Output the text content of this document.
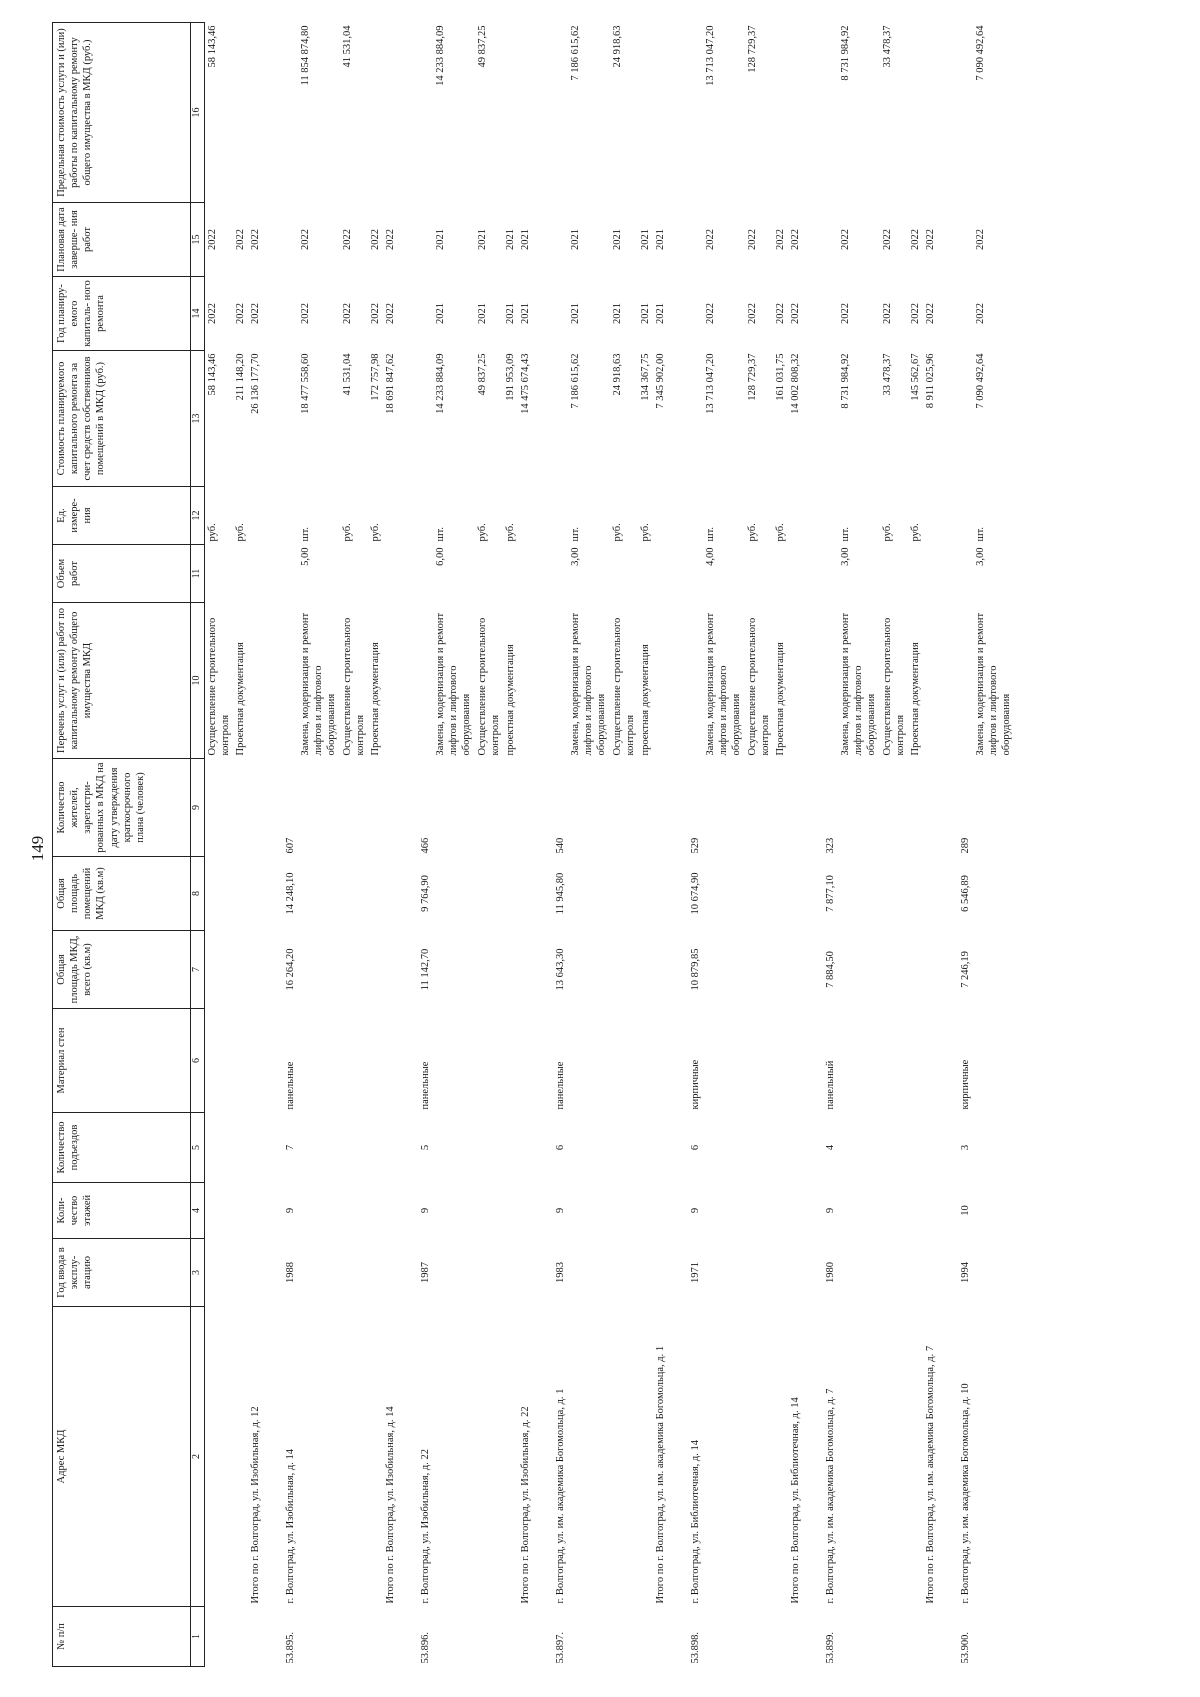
149
№ п/п	Адрес МКД	Год ввода в эксплу- атацию	Коли- чество этажей	Количество подъездов	Материал стен	Общая площадь МКД, всего (кв.м)	Общая площадь помещений МКД (кв.м)	Количество жителей, зарегистри- рованных в МКД на дату утверждения краткосрочного плана (человек)	Перечень услуг и (или) работ по капитальному ремонту общего имущества МКД	Объем работ	Ед. измере- ния	Стоимость планируемого капитального ремонта за счет средств собственников помещений в МКД (руб.)	Год планиру- емого капиталь- ного ремонта	Плановая дата заверше- ния работ	Предельная стоимость услуги и (или) работы по капитальному ремонту общего имущества в МКД (руб.)
1	2	3	4	5	6	7	8	9	10	11	12	13	14	15	16
									Осуществление строительного контроля		руб.	58 143,46	2022	2022	58 143,46
									Проектная документация		руб.	211 148,20	2022	2022	
	Итого по г. Волгоград, ул. Изобильная, д. 12											26 136 177,70	2022	2022	

53.895.	г. Волгоград, ул. Изобильная, д. 14	1988	9	7	панельные	16 264,20	14 248,10	607							
									Замена, модернизация и ремонт лифтов и лифтового оборудования	5,00	шт.	18 477 558,60	2022	2022	11 854 874,80
									Осуществление строительного контроля		руб.	41 531,04	2022	2022	41 531,04
									Проектная документация		руб.	172 757,98	2022	2022	
	Итого по г. Волгоград, ул. Изобильная, д. 14											18 691 847,62	2022	2022	

53.896.	г. Волгоград, ул. Изобильная, д. 22	1987	9	5	панельные	11 142,70	9 764,90	466							
									Замена, модернизация и ремонт лифтов и лифтового оборудования	6,00	шт.	14 233 884,09	2021	2021	14 233 884,09
									Осуществление строительного контроля		руб.	49 837,25	2021	2021	49 837,25
									проектная документация		руб.	191 953,09	2021	2021	
	Итого по г. Волгоград, ул. Изобильная, д. 22											14 475 674,43	2021	2021	

53.897.	г. Волгоград, ул. им. академика Богомольца, д. 1	1983	9	6	панельные	13 643,30	11 945,80	540							
									Замена, модернизация и ремонт лифтов и лифтового оборудования	3,00	шт.	7 186 615,62	2021	2021	7 186 615,62
									Осуществление строительного контроля		руб.	24 918,63	2021	2021	24 918,63
									проектная документация		руб.	134 367,75	2021	2021	
	Итого по г. Волгоград, ул. им. академика Богомольца, д. 1											7 345 902,00	2021	2021	

53.898.	г. Волгоград, ул. Библиотечная, д. 14	1971	9	6	кирпичные	10 879,85	10 674,90	529							
									Замена, модернизация и ремонт лифтов и лифтового оборудования	4,00	шт.	13 713 047,20	2022	2022	13 713 047,20
									Осуществление строительного контроля		руб.	128 729,37	2022	2022	128 729,37
									Проектная документация		руб.	161 031,75	2022	2022	
	Итого по г. Волгоград, ул. Библиотечная, д. 14											14 002 808,32	2022	2022	

53.899.	г. Волгоград, ул. им. академика Богомольца, д. 7	1980	9	4	панельный	7 884,50	7 877,10	323							
									Замена, модернизация и ремонт лифтов и лифтового оборудования	3,00	шт.	8 731 984,92	2022	2022	8 731 984,92
									Осуществление строительного контроля		руб.	33 478,37	2022	2022	33 478,37
									Проектная документация		руб.	145 562,67	2022	2022	
	Итого по г. Волгоград, ул. им. академика Богомольца, д. 7											8 911 025,96	2022	2022	

53.900.	г. Волгоград, ул. им. академика Богомольца, д. 10	1994	10	3	кирпичные	7 246,19	6 546,89	289							
									Замена, модернизация и ремонт лифтов и лифтового оборудования	3,00	шт.	7 090 492,64	2022	2022	7 090 492,64
